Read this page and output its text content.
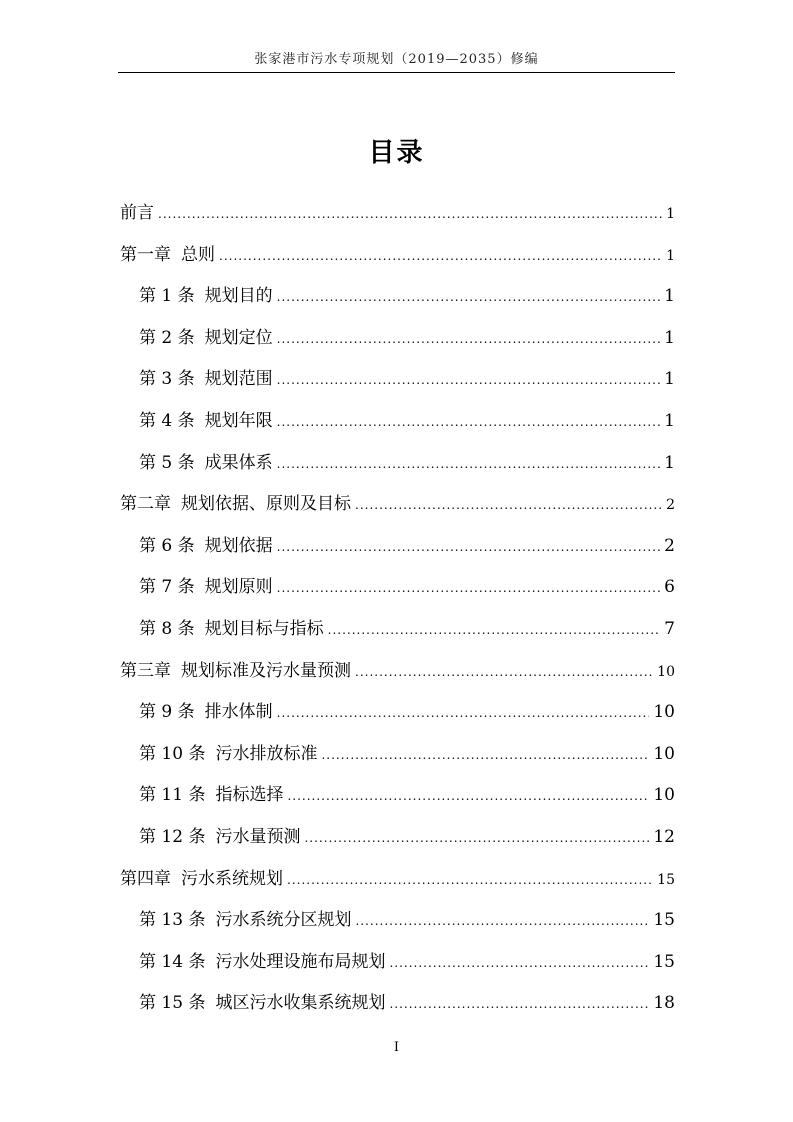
张家港市污水专项规划（2019—2035）修编
目录
前言 .....	1
第一章 总则 .....	1
第 1 条 规划目的 .....	1
第 2 条 规划定位 .....	1
第 3 条 规划范围 .....	1
第 4 条 规划年限 .....	1
第 5 条 成果体系 .....	1
第二章 规划依据、原则及目标 .....	2
第 6 条 规划依据 .....	2
第 7 条 规划原则 .....	6
第 8 条 规划目标与指标 .....	7
第三章 规划标准及污水量预测 .....	10
第 9 条 排水体制 .....	10
第 10 条 污水排放标准 .....	10
第 11 条 指标选择 .....	10
第 12 条 污水量预测 .....	12
第四章 污水系统规划 .....	15
第 13 条 污水系统分区规划 .....	15
第 14 条 污水处理设施布局规划 .....	15
第 15 条 城区污水收集系统规划 .....	18
I
